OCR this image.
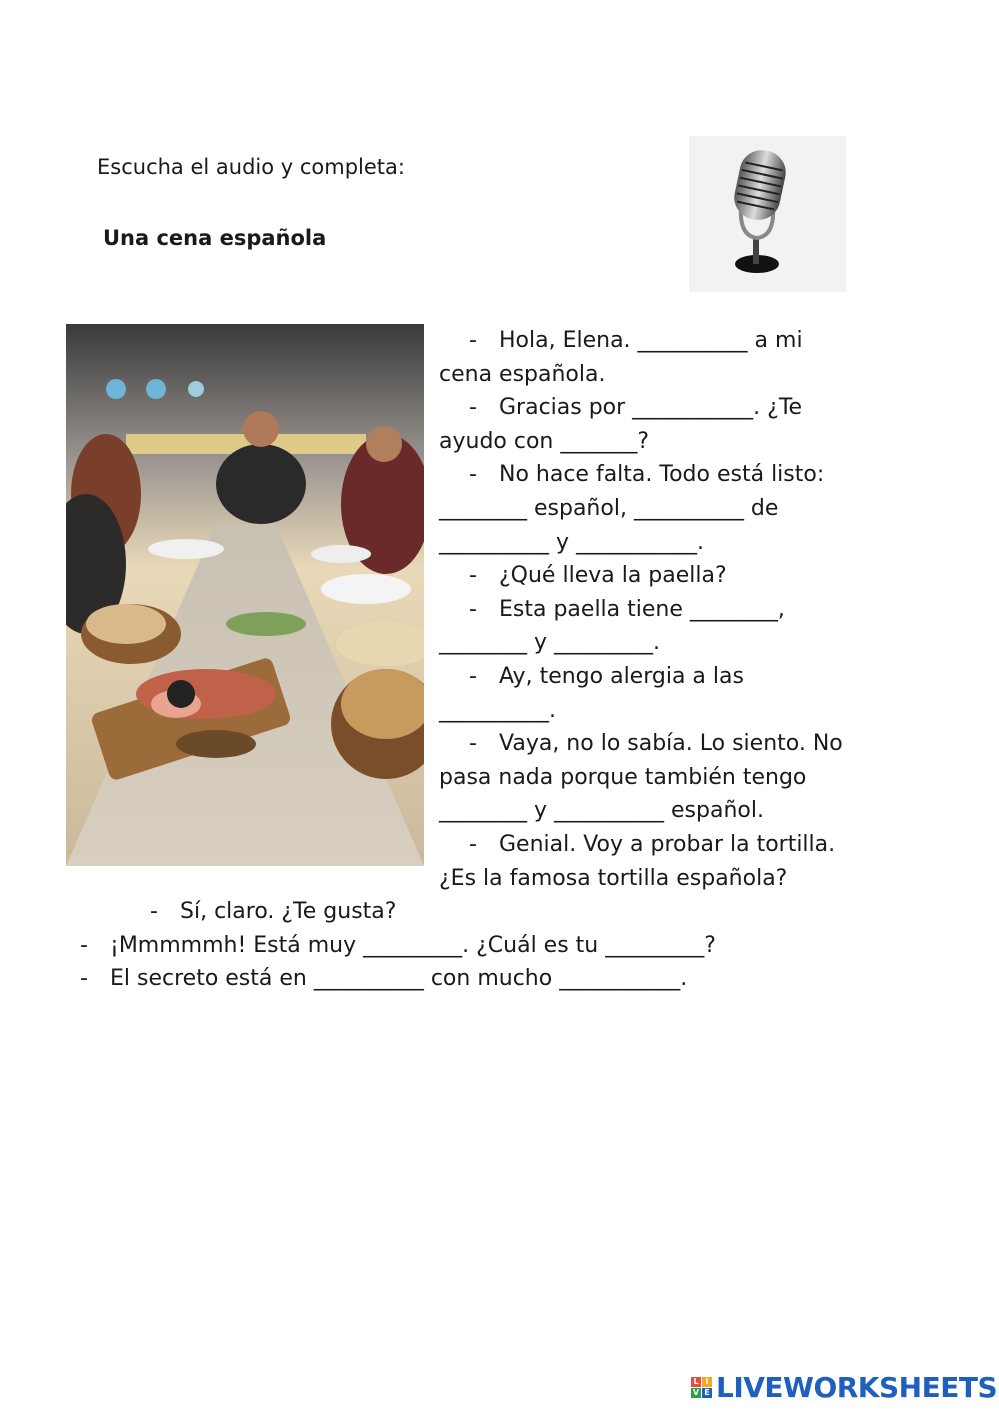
Escucha el audio y completa:
Una cena española

- Hola, Elena. __________ a mi

cena española.

- Gracias por ___________. ¿Te

ayudo con _______?

- No hace falta. Todo está listo:

________ español, __________ de

__________ y ___________.

- ¿Qué lleva la paella?

- Esta paella tiene ________,

________ y _________.

- Ay, tengo alergia a las

__________.

- Vaya, no lo sabía. Lo siento. No

pasa nada porque también tengo

________ y __________ español.

- Genial. Voy a probar la tortilla.

¿Es la famosa tortilla española?

- Sí, claro. ¿Te gusta?

- ¡Mmmmmh! Está muy _________. ¿Cuál es tu _________?

- El secreto está en __________ con mucho ___________.

L I
V E LIVEWORKSHEETS
